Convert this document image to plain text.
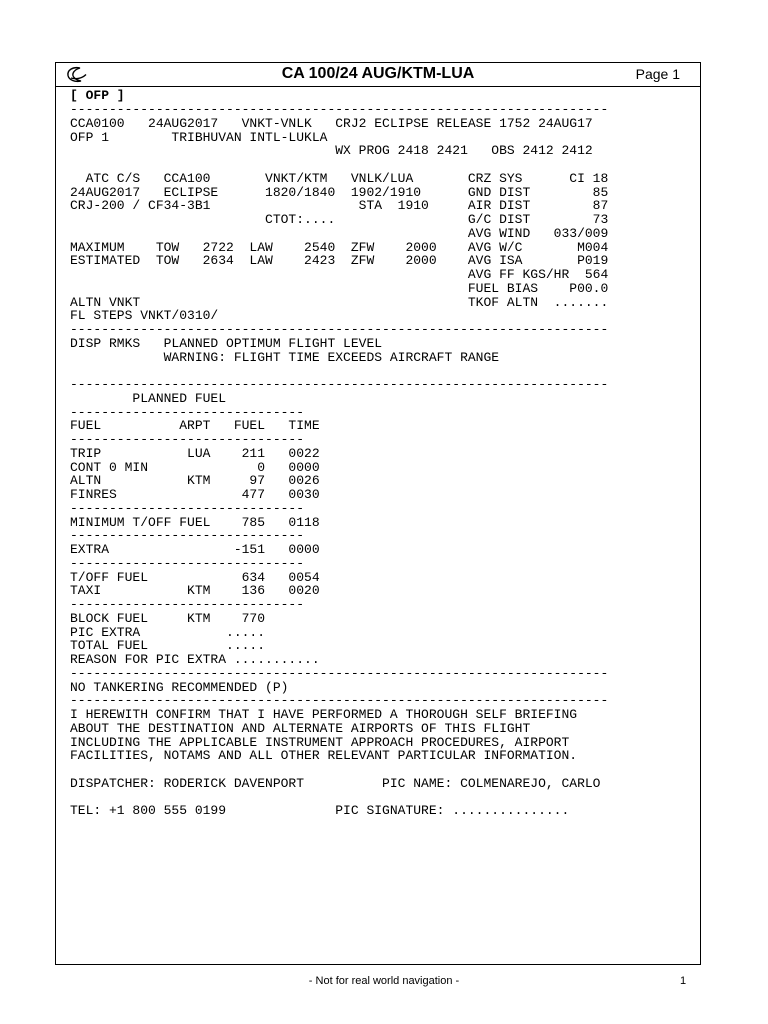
CA 100/24 AUG/KTM-LUA	Page 1
[ OFP ]
---------------------------------------------------------------------
CCA0100   24AUG2017   VNKT-VNLK   CRJ2 ECLIPSE RELEASE 1752 24AUG17
OFP 1        TRIBHUVAN INTL-LUKLA
WX PROG 2418 2421   OBS 2412 2412

ATC C/S   CCA100       VNKT/KTM   VNLK/LUA       CRZ SYS      CI 18
24AUG2017   ECLIPSE      1820/1840  1902/1910      GND DIST        85
CRJ-200 / CF34-3B1                   STA  1910     AIR DIST        87
CTOT:....                 G/C DIST        73
AVG WIND   033/009
MAXIMUM    TOW   2722  LAW    2540  ZFW    2000    AVG W/C       M004
ESTIMATED  TOW   2634  LAW    2423  ZFW    2000    AVG ISA       P019
AVG FF KGS/HR  564
FUEL BIAS    P00.0
ALTN VNKT                                          TKOF ALTN  .......
FL STEPS VNKT/0310/
---------------------------------------------------------------------
DISP RMKS   PLANNED OPTIMUM FLIGHT LEVEL
WARNING: FLIGHT TIME EXCEEDS AIRCRAFT RANGE

---------------------------------------------------------------------
PLANNED FUEL
------------------------------
FUEL          ARPT   FUEL   TIME
------------------------------
TRIP           LUA    211   0022
CONT 0 MIN              0   0000
ALTN           KTM     97   0026
FINRES                477   0030
------------------------------
MINIMUM T/OFF FUEL    785   0118
------------------------------
EXTRA                -151   0000
------------------------------
T/OFF FUEL            634   0054
TAXI           KTM    136   0020
------------------------------
BLOCK FUEL     KTM    770
PIC EXTRA           .....
TOTAL FUEL          .....
REASON FOR PIC EXTRA ...........
---------------------------------------------------------------------
NO TANKERING RECOMMENDED (P)
---------------------------------------------------------------------
I HEREWITH CONFIRM THAT I HAVE PERFORMED A THOROUGH SELF BRIEFING
ABOUT THE DESTINATION AND ALTERNATE AIRPORTS OF THIS FLIGHT
INCLUDING THE APPLICABLE INSTRUMENT APPROACH PROCEDURES, AIRPORT
FACILITIES, NOTAMS AND ALL OTHER RELEVANT PARTICULAR INFORMATION.

DISPATCHER: RODERICK DAVENPORT          PIC NAME: COLMENAREJO, CARLO

TEL: +1 800 555 0199              PIC SIGNATURE: ...............
- Not for real world navigation -	1
